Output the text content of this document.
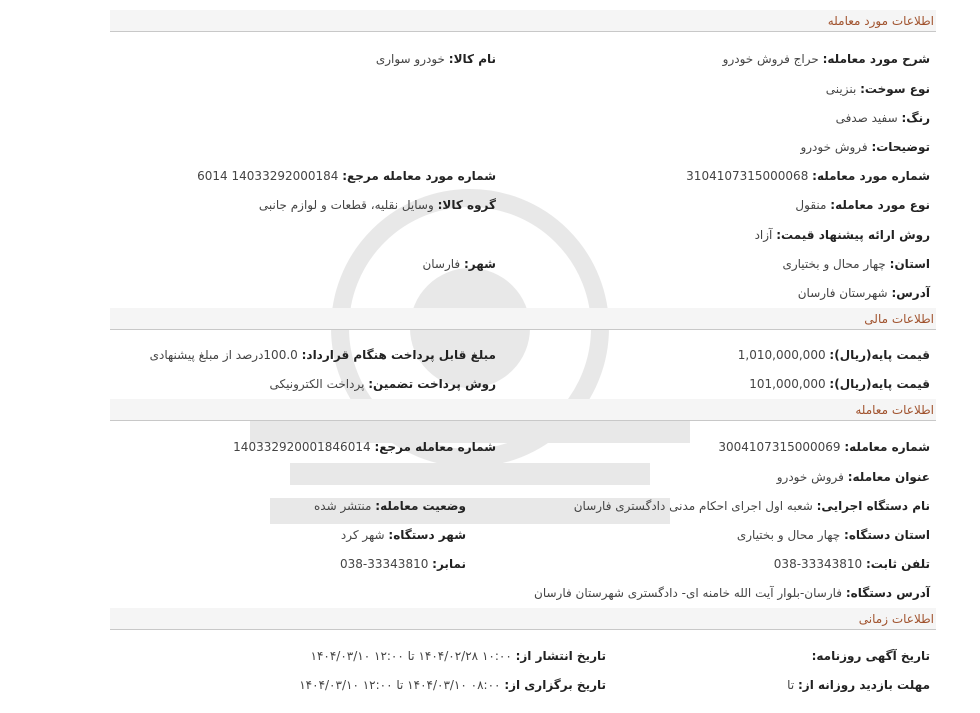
اطلاعات مورد معامله
شرح مورد معامله: حراج فروش خودرو
نام کالا: خودرو سواری
نوع سوخت: بنزینی
رنگ: سفید صدفی
توضیحات: فروش خودرو
شماره مورد معامله: 3104107315000068
شماره مورد معامله مرجع: 14033292000184 6014
نوع مورد معامله: منقول
گروه کالا: وسایل نقلیه، قطعات و لوازم جانبی
روش ارائه پیشنهاد قیمت: آزاد
استان: چهار محال و بختیاری
شهر: فارسان
آدرس: شهرستان فارسان
اطلاعات مالی
قیمت پایه(ریال): 1,010,000,000
مبلغ قابل پرداخت هنگام قرارداد: 100.0درصد از مبلغ پیشنهادی
قیمت پایه(ریال): 101,000,000
روش پرداخت تضمین: پرداخت الکترونیکی
اطلاعات معامله
شماره معامله: 3004107315000069
شماره معامله مرجع: 140332920001846014
عنوان معامله: فروش خودرو
نام دستگاه اجرایی: شعبه اول اجرای احکام مدنی دادگستری فارسان
وضعیت معامله: منتشر شده
استان دستگاه: چهار محال و بختیاری
شهر دستگاه: شهر کرد
تلفن ثابت: 33343810-038
نمابر: 33343810-038
آدرس دستگاه: فارسان-بلوار آیت الله خامنه ای- دادگستری شهرستان فارسان
اطلاعات زمانی
تاریخ آگهی روزنامه:
تاریخ انتشار از: ۱۰:۰۰ ۱۴۰۴/۰۲/۲۸ تا ۱۲:۰۰ ۱۴۰۴/۰۳/۱۰
مهلت بازدید روزانه از: تا
تاریخ برگزاری از: ۰۸:۰۰ ۱۴۰۴/۰۳/۱۰ تا ۱۲:۰۰ ۱۴۰۴/۰۳/۱۰
